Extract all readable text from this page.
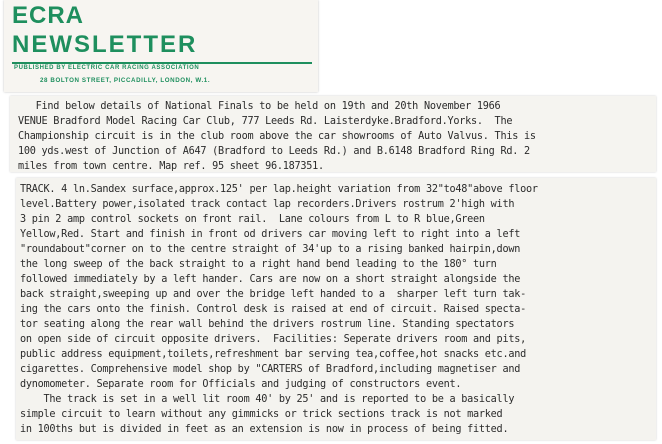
ECRA

NEWSLETTER

PUBLISHED BY ELECTRIC CAR RACING ASSOCIATION

28 BOLTON STREET, PICCADILLY, LONDON, W.1.

Find below details of National Finals to be held on 19th and 20th November 1966

VENUE Bradford Model Racing Car Club, 777 Leeds Rd. Laisterdyke.Bradford.Yorks.  The

Championship circuit is in the club room above the car showrooms of Auto Valvus. This is

100 yds.west of Junction of A647 (Bradford to Leeds Rd.) and B.6148 Bradford Ring Rd. 2

miles from town centre. Map ref. 95 sheet 96.187351.

TRACK. 4 ln.Sandex surface,approx.125' per lap.height variation from 32"to48"above floor

level.Battery power,isolated track contact lap recorders.Drivers rostrum 2'high with

3 pin 2 amp control sockets on front rail.  Lane colours from L to R blue,Green

Yellow,Red. Start and finish in front od drivers car moving left to right into a left

"roundabout"corner on to the centre straight of 34'up to a rising banked hairpin,down

the long sweep of the back straight to a right hand bend leading to the 180° turn

followed immediately by a left hander. Cars are now on a short straight alongside the

back straight,sweeping up and over the bridge left handed to a  sharper left turn tak-

ing the cars onto the finish. Control desk is raised at end of circuit. Raised specta-

tor seating along the rear wall behind the drivers rostrum line. Standing spectators

on open side of circuit opposite drivers.  Facilities: Seperate drivers room and pits,

public address equipment,toilets,refreshment bar serving tea,coffee,hot snacks etc.and

cigarettes. Comprehensive model shop by "CARTERS of Bradford,including magnetiser and

dynomometer. Separate room for Officials and judging of constructors event.

The track is set in a well lit room 40' by 25' and is reported to be a basically

simple circuit to learn without any gimmicks or trick sections track is not marked

in 100ths but is divided in feet as an extension is now in process of being fitted.
